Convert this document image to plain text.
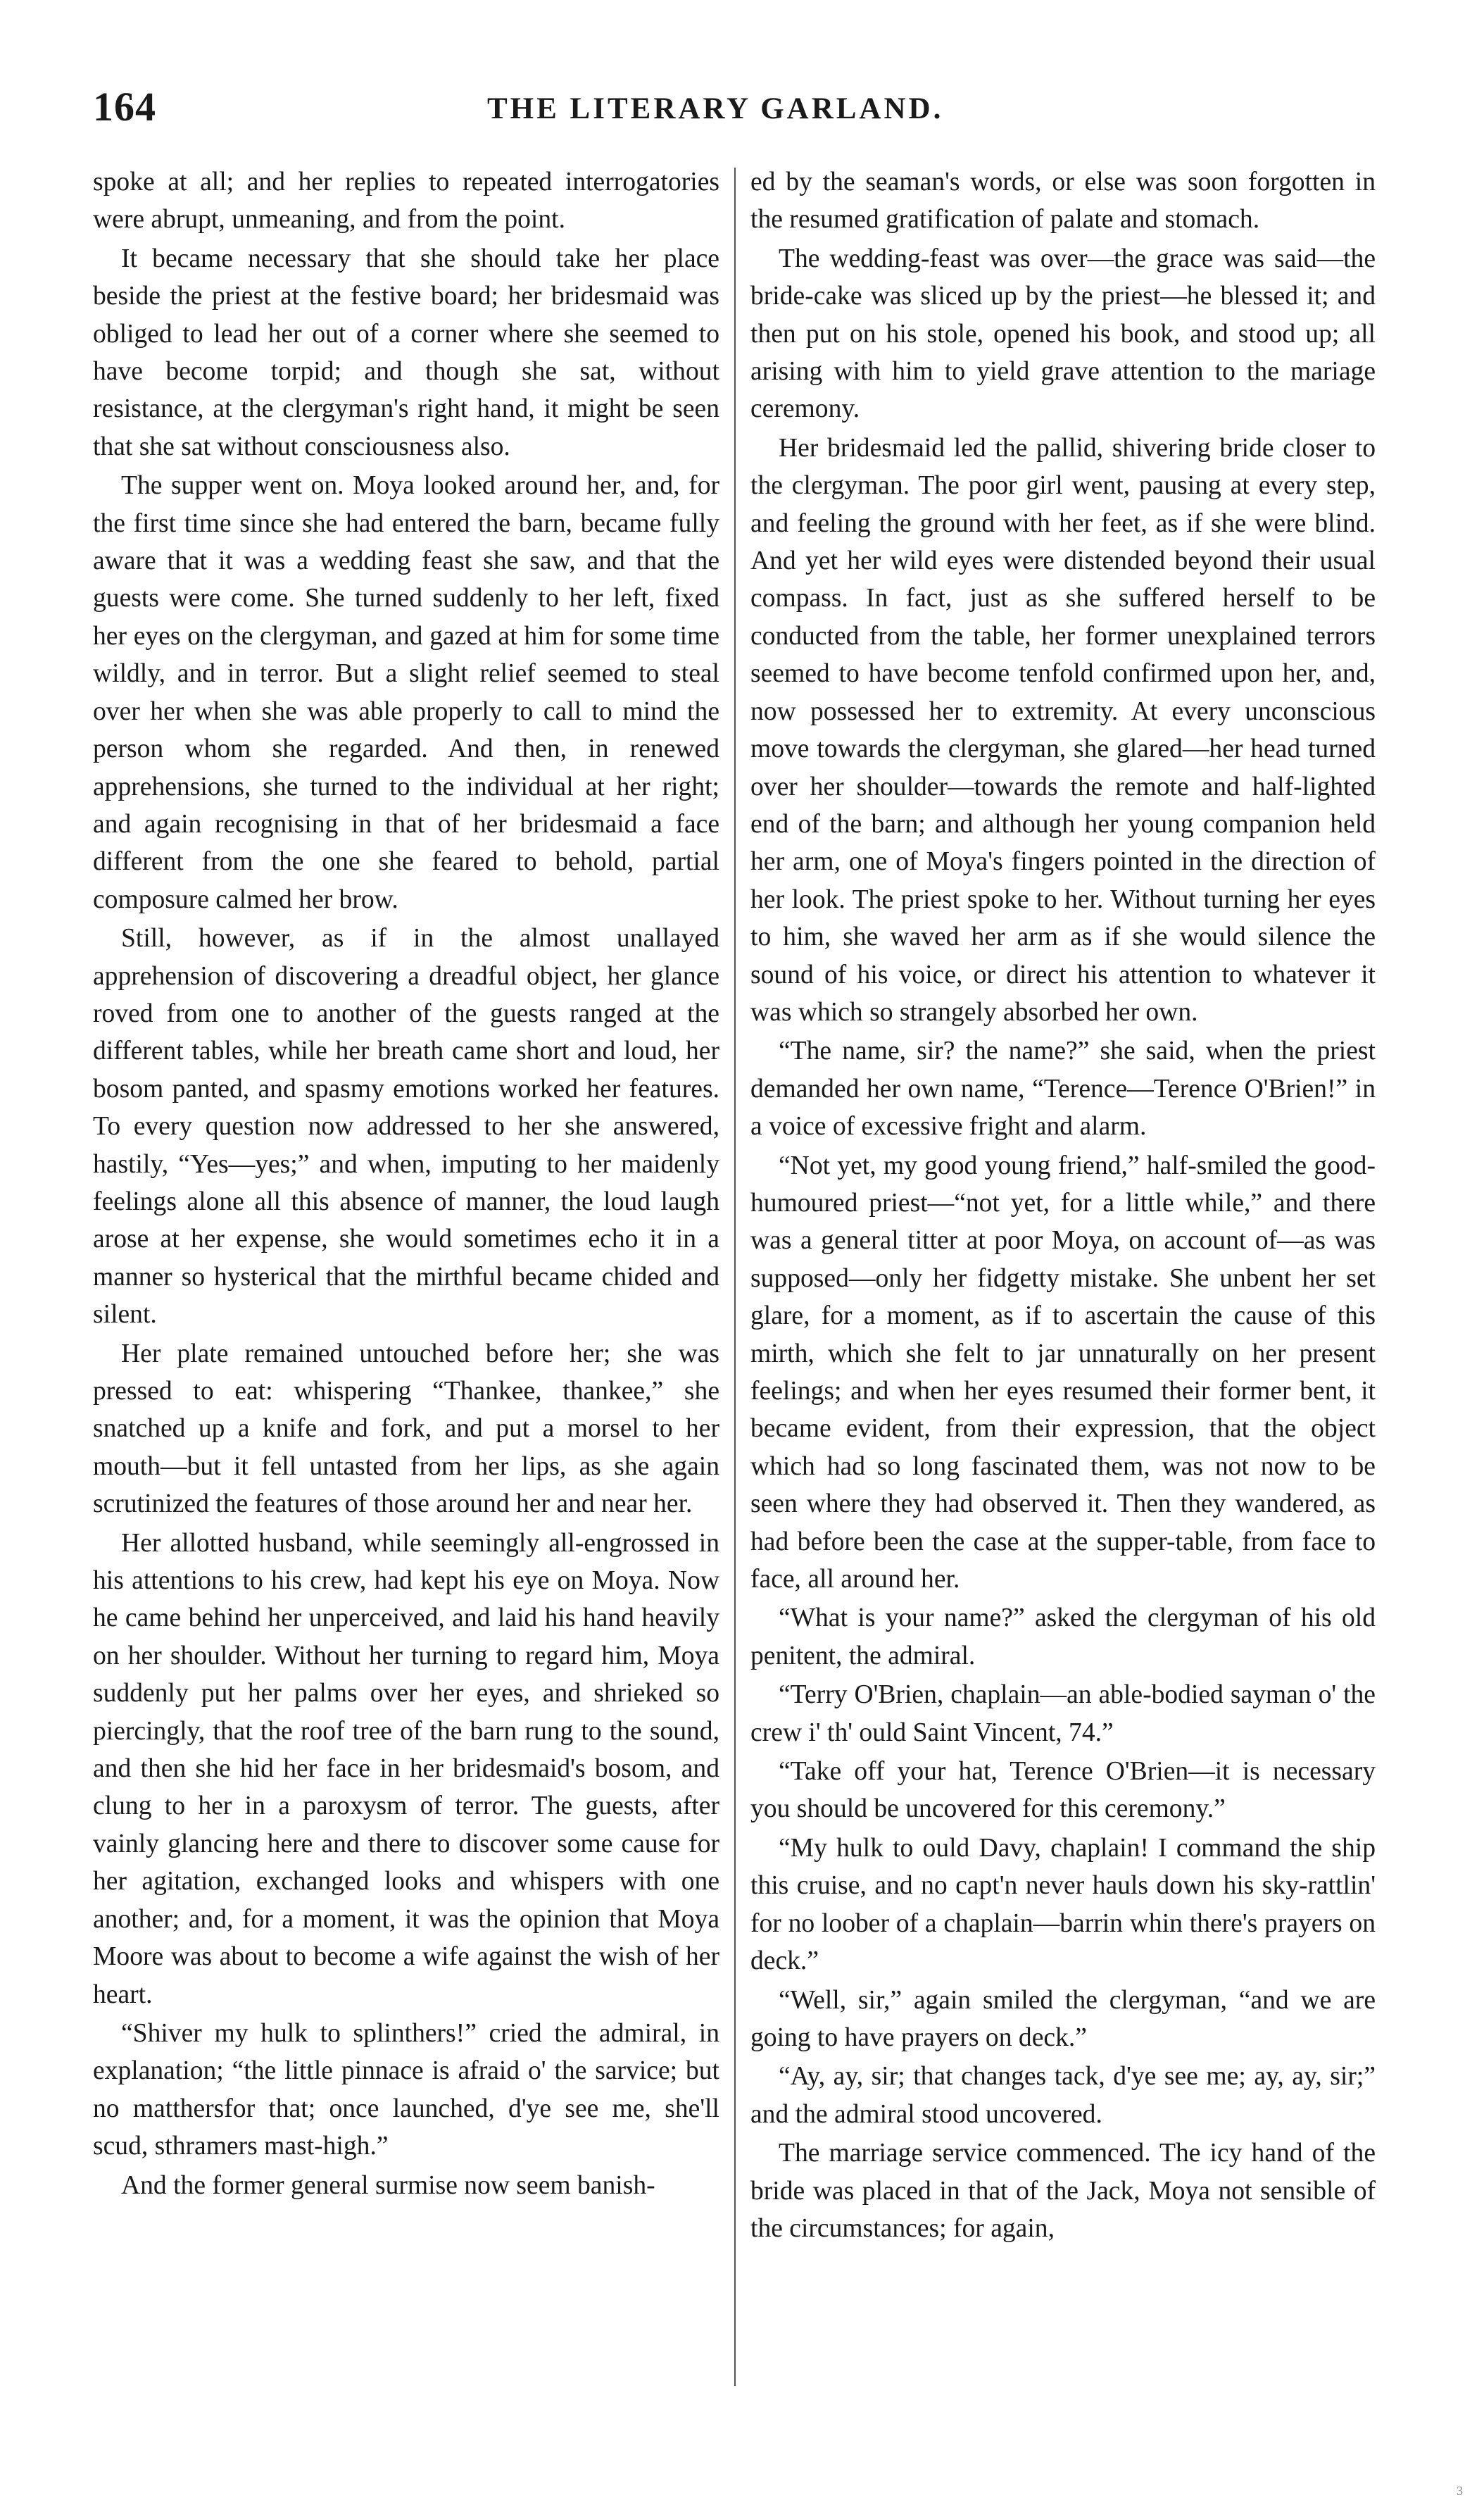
164	THE LITERARY GARLAND.

spoke at all; and her replies to repeated interrogatories were abrupt, unmeaning, and from the point.

It became necessary that she should take her place beside the priest at the festive board; her bridesmaid was obliged to lead her out of a corner where she seemed to have become torpid; and though she sat, without resistance, at the clergyman's right hand, it might be seen that she sat without consciousness also.

The supper went on. Moya looked around her, and, for the first time since she had entered the barn, became fully aware that it was a wedding feast she saw, and that the guests were come. She turned suddenly to her left, fixed her eyes on the clergyman, and gazed at him for some time wildly, and in terror. But a slight relief seemed to steal over her when she was able properly to call to mind the person whom she regarded. And then, in renewed apprehensions, she turned to the individual at her right; and again recognising in that of her bridesmaid a face different from the one she feared to behold, partial composure calmed her brow.

Still, however, as if in the almost unallayed apprehension of discovering a dreadful object, her glance roved from one to another of the guests ranged at the different tables, while her breath came short and loud, her bosom panted, and spasmy emotions worked her features. To every question now addressed to her she answered, hastily, “Yes—yes;” and when, imputing to her maidenly feelings alone all this absence of manner, the loud laugh arose at her expense, she would sometimes echo it in a manner so hysterical that the mirthful became chided and silent.

Her plate remained untouched before her; she was pressed to eat: whispering “Thankee, thankee,” she snatched up a knife and fork, and put a morsel to her mouth—but it fell untasted from her lips, as she again scrutinized the features of those around her and near her.

Her allotted husband, while seemingly all-engrossed in his attentions to his crew, had kept his eye on Moya. Now he came behind her unperceived, and laid his hand heavily on her shoulder. Without her turning to regard him, Moya suddenly put her palms over her eyes, and shrieked so piercingly, that the roof tree of the barn rung to the sound, and then she hid her face in her bridesmaid's bosom, and clung to her in a paroxysm of terror. The guests, after vainly glancing here and there to discover some cause for her agitation, exchanged looks and whispers with one another; and, for a moment, it was the opinion that Moya Moore was about to become a wife against the wish of her heart.

“Shiver my hulk to splinthers!” cried the admiral, in explanation; “the little pinnace is afraid o' the sarvice; but no matthersfor that; once launched, d'ye see me, she'll scud, sthramers mast-high.”

And the former general surmise now seem banish-

ed by the seaman's words, or else was soon forgotten in the resumed gratification of palate and stomach.

The wedding-feast was over—the grace was said—the bride-cake was sliced up by the priest—he blessed it; and then put on his stole, opened his book, and stood up; all arising with him to yield grave attention to the mariage ceremony.

Her bridesmaid led the pallid, shivering bride closer to the clergyman. The poor girl went, pausing at every step, and feeling the ground with her feet, as if she were blind. And yet her wild eyes were distended beyond their usual compass. In fact, just as she suffered herself to be conducted from the table, her former unexplained terrors seemed to have become tenfold confirmed upon her, and, now possessed her to extremity. At every unconscious move towards the clergyman, she glared—her head turned over her shoulder—towards the remote and half-lighted end of the barn; and although her young companion held her arm, one of Moya's fingers pointed in the direction of her look. The priest spoke to her. Without turning her eyes to him, she waved her arm as if she would silence the sound of his voice, or direct his attention to whatever it was which so strangely absorbed her own.

“The name, sir? the name?” she said, when the priest demanded her own name, “Terence—Terence O'Brien!” in a voice of excessive fright and alarm.

“Not yet, my good young friend,” half-smiled the good-humoured priest—“not yet, for a little while,” and there was a general titter at poor Moya, on account of—as was supposed—only her fidgetty mistake. She unbent her set glare, for a moment, as if to ascertain the cause of this mirth, which she felt to jar unnaturally on her present feelings; and when her eyes resumed their former bent, it became evident, from their expression, that the object which had so long fascinated them, was not now to be seen where they had observed it. Then they wandered, as had before been the case at the supper-table, from face to face, all around her.

“What is your name?” asked the clergyman of his old penitent, the admiral.

“Terry O'Brien, chaplain—an able-bodied sayman o' the crew i' th' ould Saint Vincent, 74.”

“Take off your hat, Terence O'Brien—it is necessary you should be uncovered for this ceremony.”

“My hulk to ould Davy, chaplain! I command the ship this cruise, and no capt'n never hauls down his sky-rattlin' for no loober of a chaplain—barrin whin there's prayers on deck.”

“Well, sir,” again smiled the clergyman, “and we are going to have prayers on deck.”

“Ay, ay, sir; that changes tack, d'ye see me; ay, ay, sir;” and the admiral stood uncovered.

The marriage service commenced. The icy hand of the bride was placed in that of the Jack, Moya not sensible of the circumstances; for again,

3
